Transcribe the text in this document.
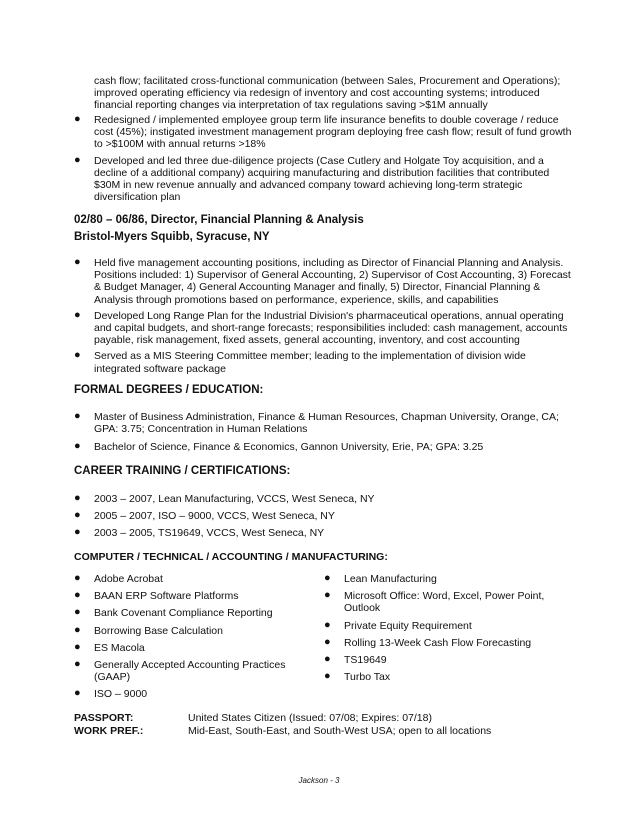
cash flow; facilitated cross-functional communication (between Sales, Procurement and Operations);
improved operating efficiency via redesign of inventory and cost accounting systems; introduced
financial reporting changes via interpretation of tax regulations saving >$1M annually
● Redesigned / implemented employee group term life insurance benefits to double coverage / reduce cost (45%); instigated investment management program deploying free cash flow; result of fund growth to >$100M with annual returns >18%
● Developed and led three due-diligence projects (Case Cutlery and Holgate Toy acquisition, and a decline of a additional company) acquiring manufacturing and distribution facilities that contributed $30M in new revenue annually and advanced company toward achieving long-term strategic diversification plan
02/80 – 06/86, Director, Financial Planning & Analysis
Bristol-Myers Squibb, Syracuse, NY
● Held five management accounting positions, including as Director of Financial Planning and Analysis. Positions included: 1) Supervisor of General Accounting, 2) Supervisor of Cost Accounting, 3) Forecast & Budget Manager, 4) General Accounting Manager and finally, 5) Director, Financial Planning & Analysis through promotions based on performance, experience, skills, and capabilities
● Developed Long Range Plan for the Industrial Division's pharmaceutical operations, annual operating and capital budgets, and short-range forecasts; responsibilities included: cash management, accounts payable, risk management, fixed assets, general accounting, inventory, and cost accounting
● Served as a MIS Steering Committee member; leading to the implementation of division wide integrated software package
FORMAL DEGREES / EDUCATION:
● Master of Business Administration, Finance & Human Resources, Chapman University, Orange, CA; GPA: 3.75; Concentration in Human Relations
● Bachelor of Science, Finance & Economics, Gannon University, Erie, PA; GPA: 3.25
CAREER TRAINING / CERTIFICATIONS:
● 2003 – 2007, Lean Manufacturing, VCCS, West Seneca, NY
● 2005 – 2007, ISO – 9000, VCCS, West Seneca, NY
● 2003 – 2005, TS19649, VCCS, West Seneca, NY
COMPUTER / TECHNICAL / ACCOUNTING / MANUFACTURING:
● Adobe Acrobat
● BAAN ERP Software Platforms
● Bank Covenant Compliance Reporting
● Borrowing Base Calculation
● ES Macola
● Generally Accepted Accounting Practices (GAAP)
● ISO – 9000
● Lean Manufacturing
● Microsoft Office: Word, Excel, Power Point, Outlook
● Private Equity Requirement
● Rolling 13-Week Cash Flow Forecasting
● TS19649
● Turbo Tax
PASSPORT:	United States Citizen (Issued: 07/08; Expires: 07/18)
WORK PREF.:	Mid-East, South-East, and South-West USA; open to all locations
Jackson - 3
